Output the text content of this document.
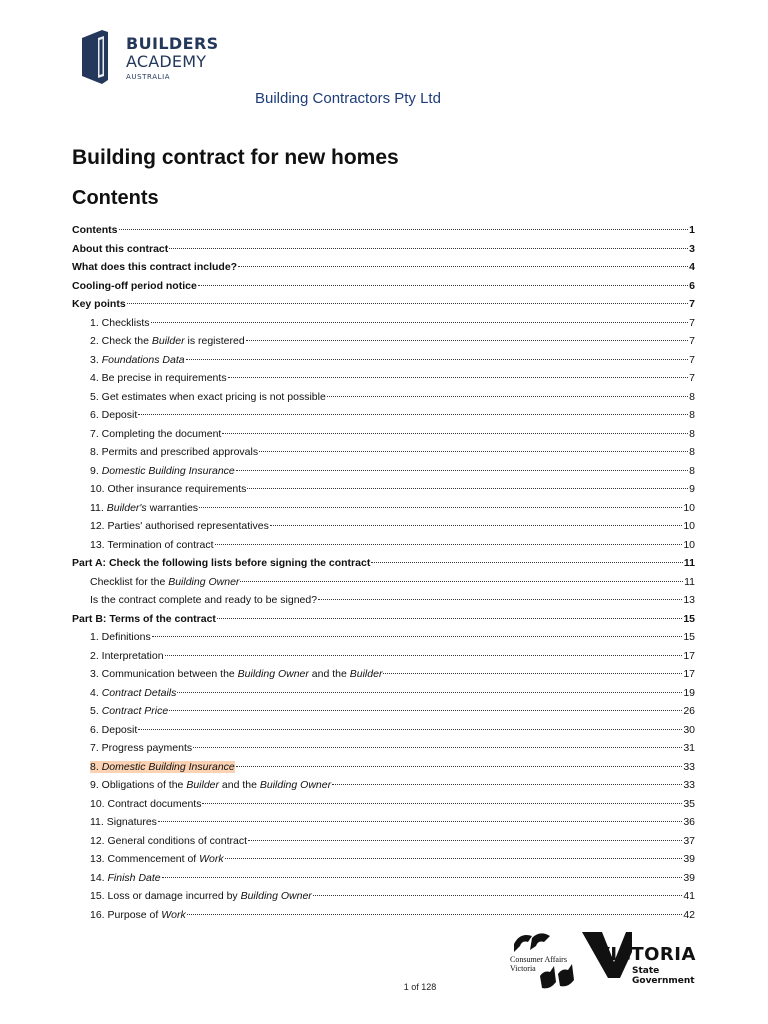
BUILDERS
ACADEMY
AUSTRALIA
Building Contractors Pty Ltd
Building contract for new homes
Contents
Contents	1
About this contract	3
What does this contract include?	4
Cooling-off period notice	6
Key points	7
1. Checklists	7
2. Check the Builder is registered	7
3. Foundations Data	7
4. Be precise in requirements	7
5. Get estimates when exact pricing is not possible	8
6. Deposit	8
7. Completing the document	8
8. Permits and prescribed approvals	8
9. Domestic Building Insurance	8
10. Other insurance requirements	9
11. Builder's warranties	10
12. Parties' authorised representatives	10
13. Termination of contract	10
Part A: Check the following lists before signing the contract	11
Checklist for the Building Owner	11
Is the contract complete and ready to be signed?	13
Part B: Terms of the contract	15
1. Definitions	15
2. Interpretation	17
3. Communication between the Building Owner and the Builder	17
4. Contract Details	19
5. Contract Price	26
6. Deposit	30
7. Progress payments	31
8. Domestic Building Insurance	33
9. Obligations of the Builder and the Building Owner	33
10. Contract documents	35
11. Signatures	36
12. General conditions of contract	37
13. Commencement of Work	39
14. Finish Date	39
15. Loss or damage incurred by Building Owner	41
16. Purpose of Work	42
Consumer Affairs
Victoria
VICTORIA
State
Government
1 of 128
